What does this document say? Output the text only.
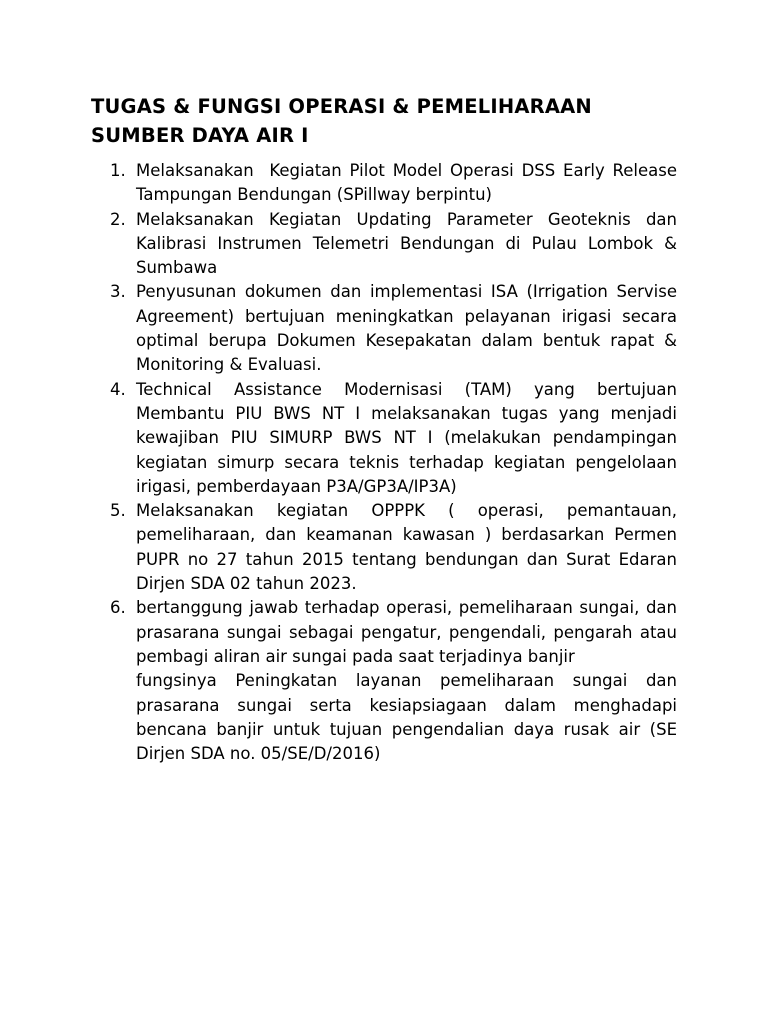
TUGAS & FUNGSI OPERASI & PEMELIHARAAN
SUMBER DAYA AIR I
1. Melaksanakan  Kegiatan Pilot Model Operasi DSS Early Release Tampungan Bendungan (SPillway berpintu)
2. Melaksanakan Kegiatan Updating Parameter Geoteknis dan Kalibrasi Instrumen Telemetri Bendungan di Pulau Lombok & Sumbawa
3. Penyusunan dokumen dan implementasi ISA (Irrigation Servise Agreement) bertujuan meningkatkan pelayanan irigasi secara optimal berupa Dokumen Kesepakatan dalam bentuk rapat & Monitoring & Evaluasi.
4. Technical Assistance Modernisasi (TAM) yang bertujuan Membantu PIU BWS NT I melaksanakan tugas yang menjadi kewajiban PIU SIMURP BWS NT I (melakukan pendampingan kegiatan simurp secara teknis terhadap kegiatan pengelolaan irigasi, pemberdayaan P3A/GP3A/IP3A)
5. Melaksanakan kegiatan OPPPK ( operasi, pemantauan, pemeliharaan, dan keamanan kawasan ) berdasarkan Permen PUPR no 27 tahun 2015 tentang bendungan dan Surat Edaran Dirjen SDA 02 tahun 2023.
6. bertanggung jawab terhadap operasi, pemeliharaan sungai, dan prasarana sungai sebagai pengatur, pengendali, pengarah atau pembagi aliran air sungai pada saat terjadinya banjir
fungsinya Peningkatan layanan pemeliharaan sungai dan prasarana sungai serta kesiapsiagaan dalam menghadapi bencana banjir untuk tujuan pengendalian daya rusak air (SE Dirjen SDA no. 05/SE/D/2016)
